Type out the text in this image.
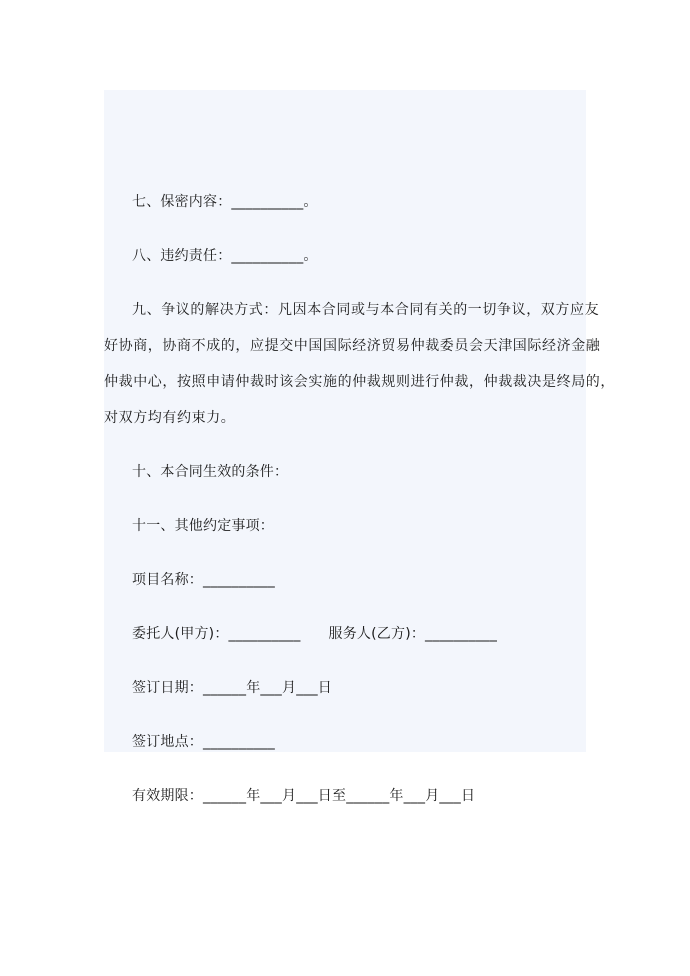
七、保密内容：__________。
八、违约责任：__________。
九、争议的解决方式：凡因本合同或与本合同有关的一切争议，双方应友
好协商，协商不成的，应提交中国国际经济贸易仲裁委员会天津国际经济金融
仲裁中心，按照申请仲裁时该会实施的仲裁规则进行仲裁，仲裁裁决是终局的，
对双方均有约束力。
十、本合同生效的条件：
十一、其他约定事项：
项目名称：__________
委托人(甲方)：__________ 服务人(乙方)：__________
签订日期：______年___月___日
签订地点：__________
有效期限：______年___月___日至______年___月___日
